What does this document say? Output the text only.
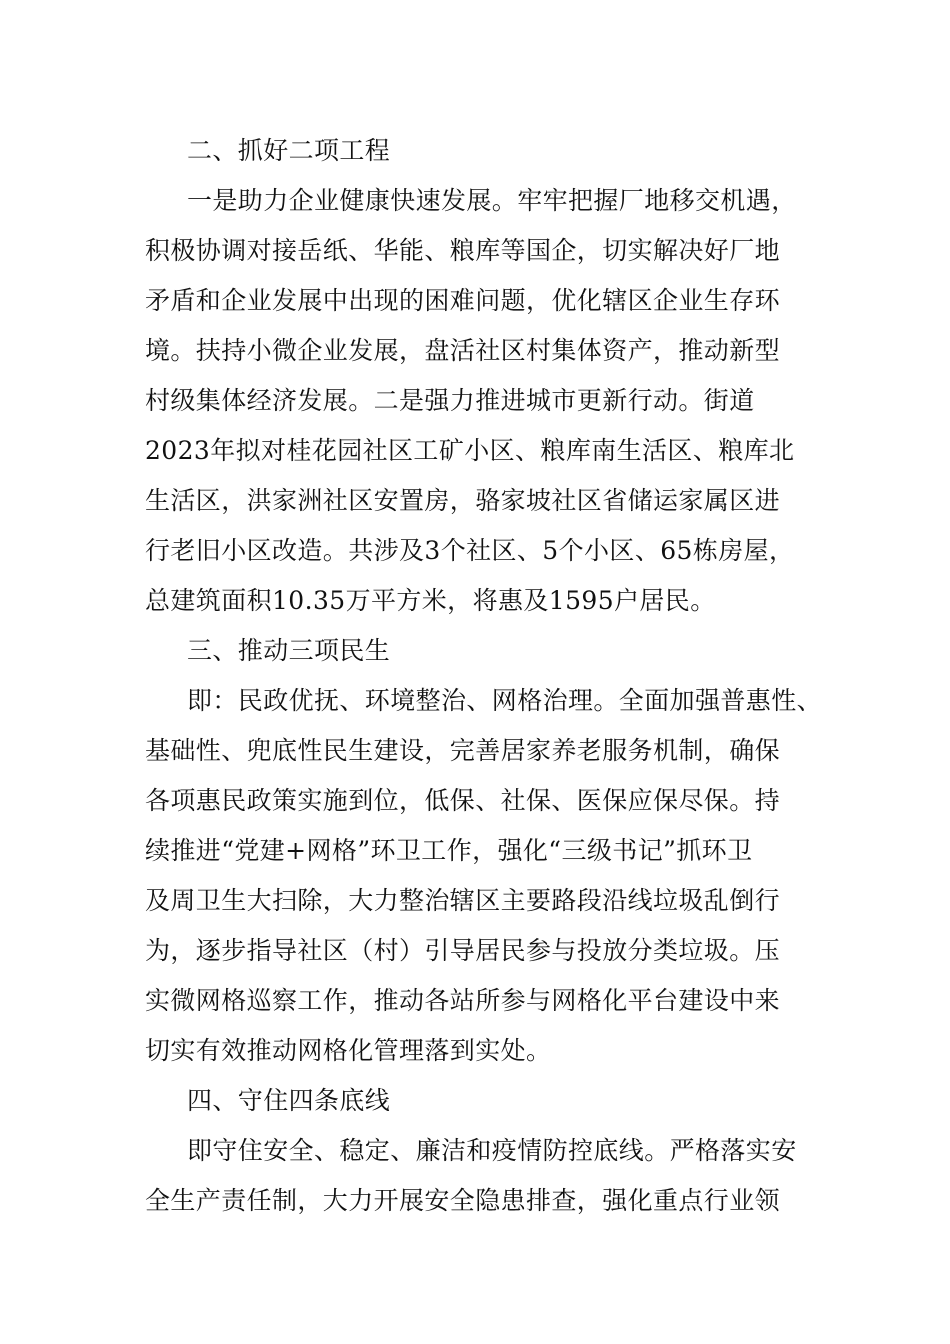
二、抓好二项工程
一是助力企业健康快速发展。牢牢把握厂地移交机遇，
积极协调对接岳纸、华能、粮库等国企，切实解决好厂地
矛盾和企业发展中出现的困难问题，优化辖区企业生存环
境。扶持小微企业发展，盘活社区村集体资产，推动新型
村级集体经济发展。二是强力推进城市更新行动。街道
2023年拟对桂花园社区工矿小区、粮库南生活区、粮库北
生活区，洪家洲社区安置房，骆家坡社区省储运家属区进
行老旧小区改造。共涉及3个社区、5个小区、65栋房屋，
总建筑面积10.35万平方米，将惠及1595户居民。
三、推动三项民生
即：民政优抚、环境整治、网格治理。全面加强普惠性、
基础性、兜底性民生建设，完善居家养老服务机制，确保
各项惠民政策实施到位，低保、社保、医保应保尽保。持
续推进“党建+网格”环卫工作，强化“三级书记”抓环卫
及周卫生大扫除，大力整治辖区主要路段沿线垃圾乱倒行
为，逐步指导社区（村）引导居民参与投放分类垃圾。压
实微网格巡察工作，推动各站所参与网格化平台建设中来
切实有效推动网格化管理落到实处。
四、守住四条底线
即守住安全、稳定、廉洁和疫情防控底线。严格落实安
全生产责任制，大力开展安全隐患排查，强化重点行业领
